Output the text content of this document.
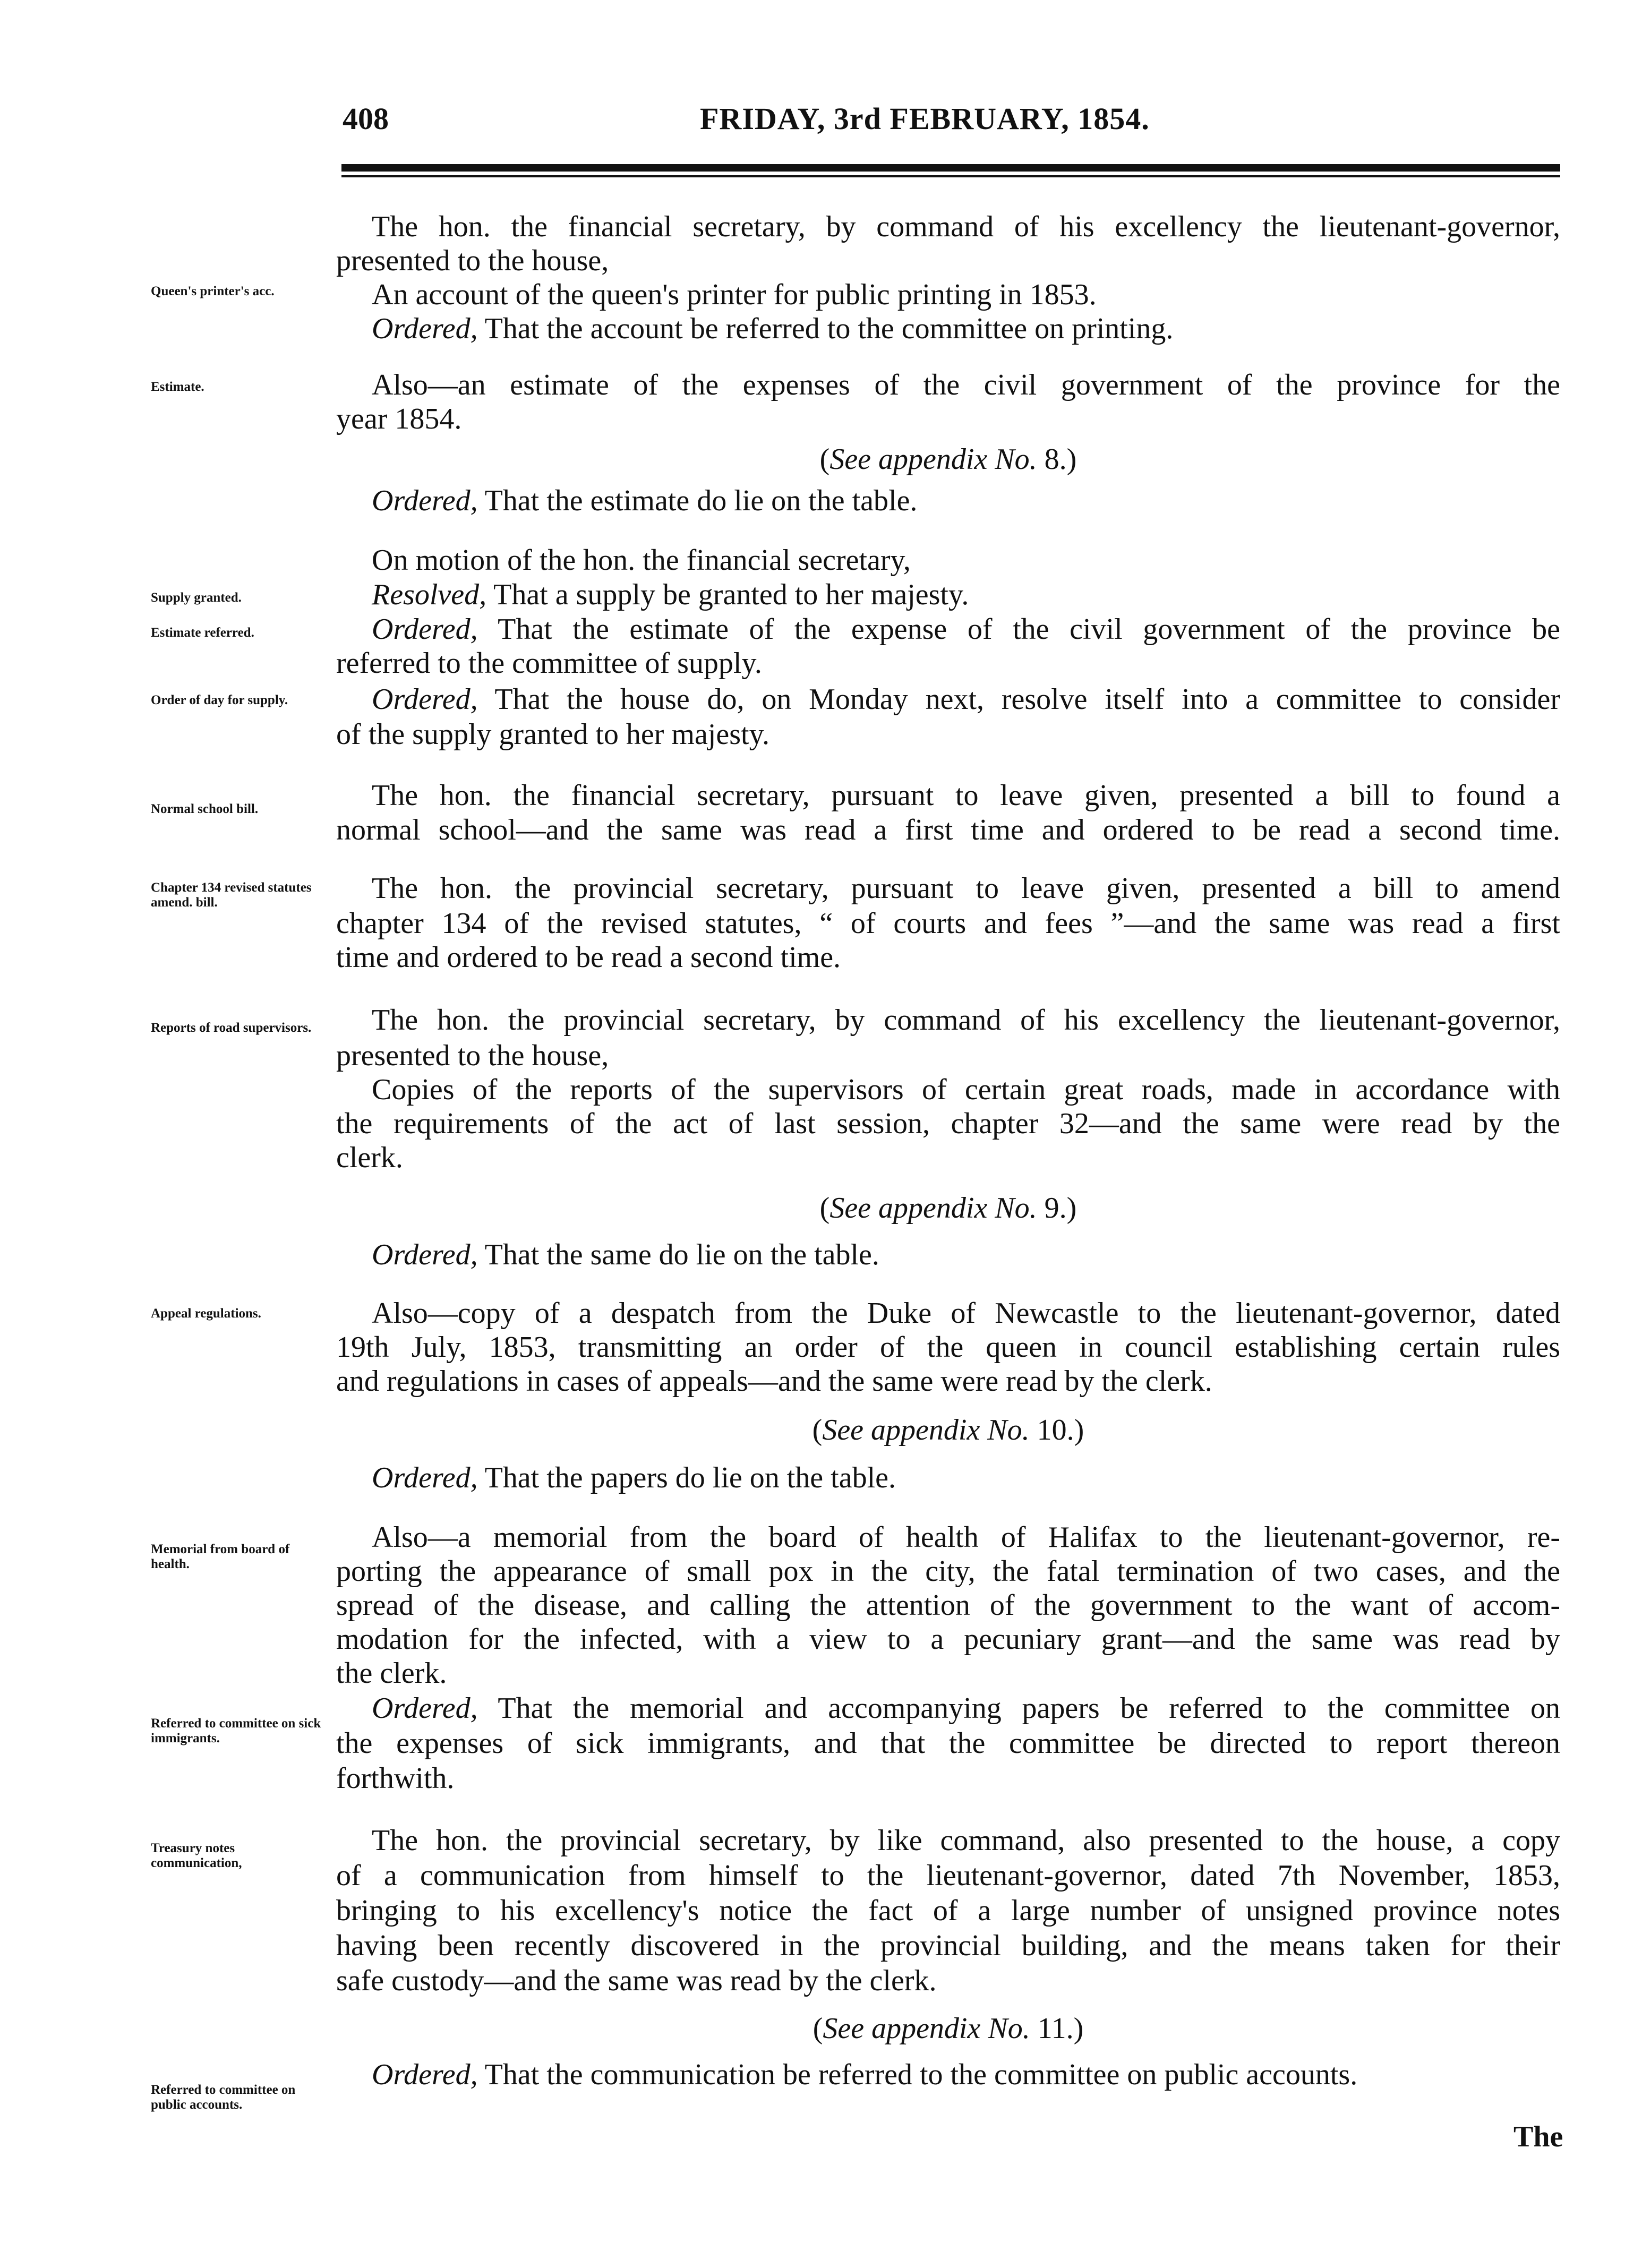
408	FRIDAY, 3rd FEBRUARY, 1854.
Queen's printer's acc.
Estimate.
Supply granted.
Estimate referred.
Order of day for supply.
Normal school bill.
Chapter 134 revised statutes amend. bill.
Reports of road supervisors.
Appeal regulations.
Memorial from board of health.
Referred to committee on sick immigrants.
Treasury notes communication,
Referred to committee on public accounts.
The hon. the financial secretary, by command of his excellency the lieutenant-governor,
presented to the house,
An account of the queen's printer for public printing in 1853.
Ordered, That the account be referred to the committee on printing.
Also—an estimate of the expenses of the civil government of the province for the
year 1854.
(See appendix No. 8.)
Ordered, That the estimate do lie on the table.
On motion of the hon. the financial secretary,
Resolved, That a supply be granted to her majesty.
Ordered, That the estimate of the expense of the civil government of the province be
referred to the committee of supply.
Ordered, That the house do, on Monday next, resolve itself into a committee to consider
of the supply granted to her majesty.
The hon. the financial secretary, pursuant to leave given, presented a bill to found a
normal school—and the same was read a first time and ordered to be read a second time.
The hon. the provincial secretary, pursuant to leave given, presented a bill to amend
chapter 134 of the revised statutes, “ of courts and fees ”—and the same was read a first
time and ordered to be read a second time.
The hon. the provincial secretary, by command of his excellency the lieutenant-governor,
presented to the house,
Copies of the reports of the supervisors of certain great roads, made in accordance with
the requirements of the act of last session, chapter 32—and the same were read by the
clerk.
(See appendix No. 9.)
Ordered, That the same do lie on the table.
Also—copy of a despatch from the Duke of Newcastle to the lieutenant-governor, dated
19th July, 1853, transmitting an order of the queen in council establishing certain rules
and regulations in cases of appeals—and the same were read by the clerk.
(See appendix No. 10.)
Ordered, That the papers do lie on the table.
Also—a memorial from the board of health of Halifax to the lieutenant-governor, re-
porting the appearance of small pox in the city, the fatal termination of two cases, and the
spread of the disease, and calling the attention of the government to the want of accom-
modation for the infected, with a view to a pecuniary grant—and the same was read by
the clerk.
Ordered, That the memorial and accompanying papers be referred to the committee on
the expenses of sick immigrants, and that the committee be directed to report thereon
forthwith.
The hon. the provincial secretary, by like command, also presented to the house, a copy
of a communication from himself to the lieutenant-governor, dated 7th November, 1853,
bringing to his excellency's notice the fact of a large number of unsigned province notes
having been recently discovered in the provincial building, and the means taken for their
safe custody—and the same was read by the clerk.
(See appendix No. 11.)
Ordered, That the communication be referred to the committee on public accounts.
The
